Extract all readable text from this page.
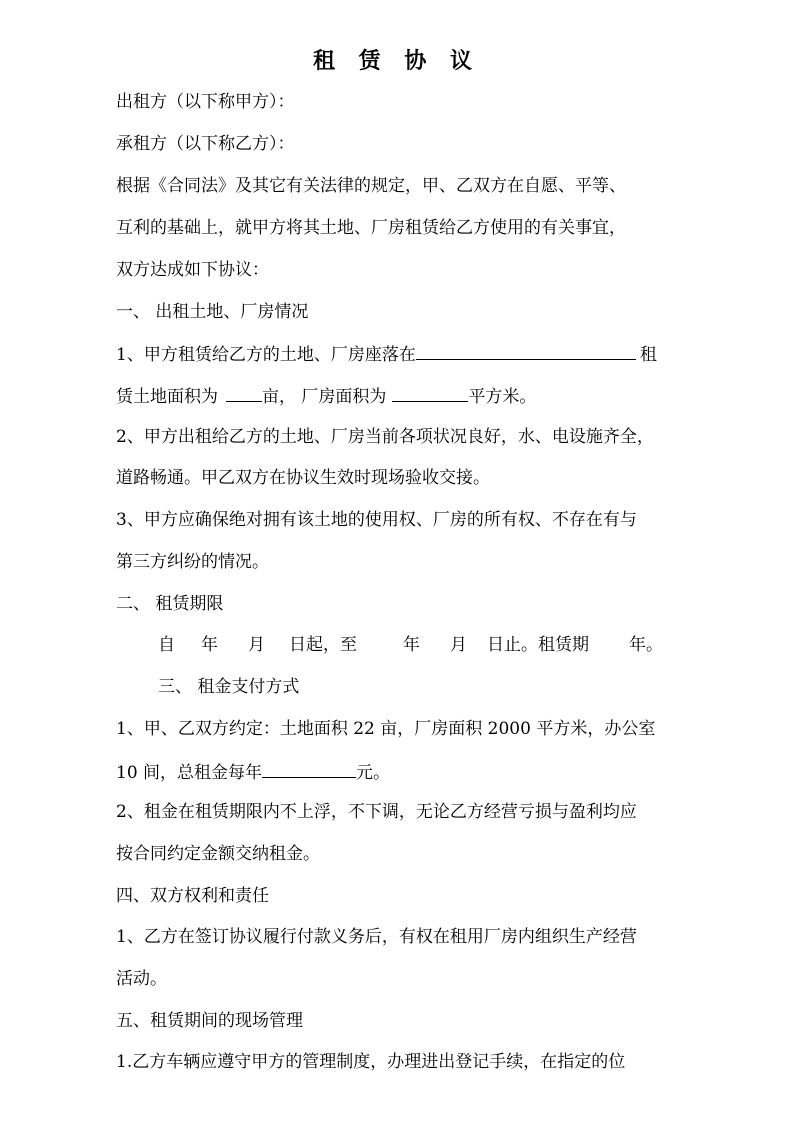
租 赁 协 议
出租方（以下称甲方）：
承租方（以下称乙方）：
根据《合同法》及其它有关法律的规定，甲、乙双方在自愿、平等、
互利的基础上，就甲方将其土地、厂房租赁给乙方使用的有关事宜，
双方达成如下协议：
一、 出租土地、厂房情况
1、甲方租赁给乙方的土地、厂房座落在	租
赁土地面积为	亩， 厂房面积为	平方米。
2、甲方出租给乙方的土地、厂房当前各项状况良好，水、电设施齐全，
道路畅通。甲乙双方在协议生效时现场验收交接。
3、甲方应确保绝对拥有该土地的使用权、厂房的所有权、不存在有与
第三方纠纷的情况。
二、 租赁期限
自 年 月 日起，至	年 月 日止。租赁期 年。
三、 租金支付方式
1、甲、乙双方约定：土地面积 22 亩，厂房面积 2000 平方米，办公室
10 间，总租金每年	元。
2、租金在租赁期限内不上浮，不下调，无论乙方经营亏损与盈利均应
按合同约定金额交纳租金。
四、双方权利和责任
1、乙方在签订协议履行付款义务后，有权在租用厂房内组织生产经营
活动。
五、租赁期间的现场管理
1.乙方车辆应遵守甲方的管理制度，办理进出登记手续，在指定的位
